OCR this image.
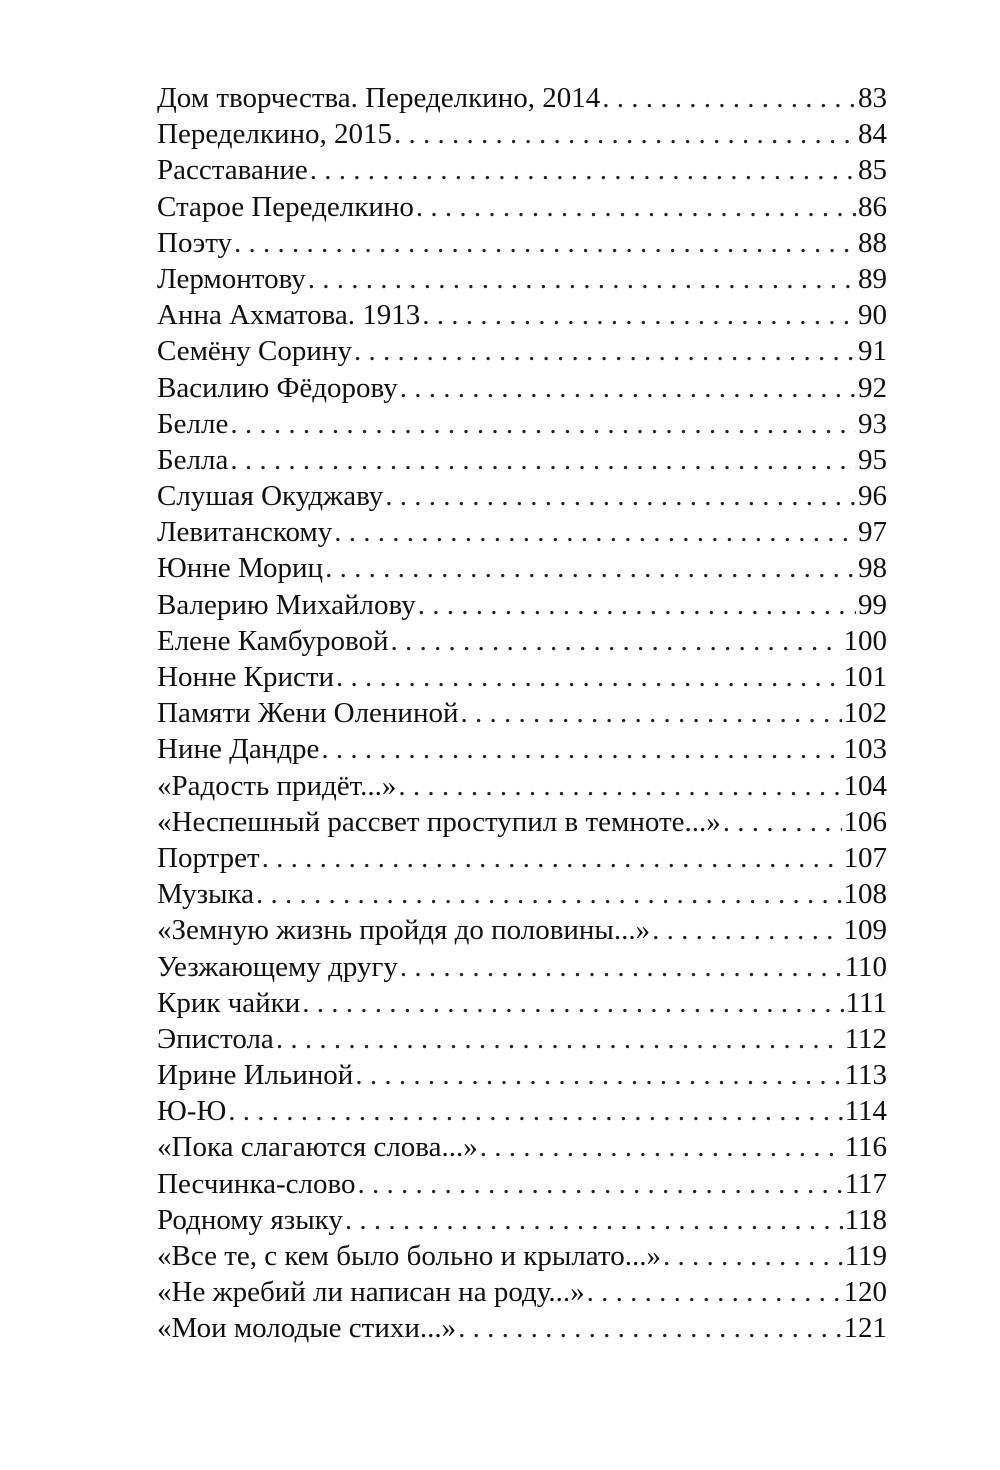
Дом творчества. Переделкино, 2014 . . .	83
Переделкино, 2015 . . .	84
Расставание . . .	85
Старое Переделкино . . .	86
Поэту . . .	88
Лермонтову . . .	89
Анна Ахматова. 1913 . . .	90
Семёну Сорину . . .	91
Василию Фёдорову . . .	92
Белле . . .	93
Белла . . .	95
Слушая Окуджаву . . .	96
Левитанскому . . .	97
Юнне Мориц . . .	98
Валерию Михайлову . . .	99
Елене Камбуровой . . .	100
Нонне Кристи . . .	101
Памяти Жени Олениной . . .	102
Нине Дандре . . .	103
«Радость придёт...» . . .	104
«Неспешный рассвет проступил в темноте...» . . .	106
Портрет . . .	107
Музыка . . .	108
«Земную жизнь пройдя до половины...» . . .	109
Уезжающему другу . . .	110
Крик чайки . . .	111
Эпистола . . .	112
Ирине Ильиной . . .	113
Ю-Ю . . .	114
«Пока слагаются слова...» . . .	116
Песчинка-слово . . .	117
Родному языку . . .	118
«Все те, с кем было больно и крылато...» . . .	119
«Не жребий ли написан на роду...» . . .	120
«Мои молодые стихи...» . . .	121
